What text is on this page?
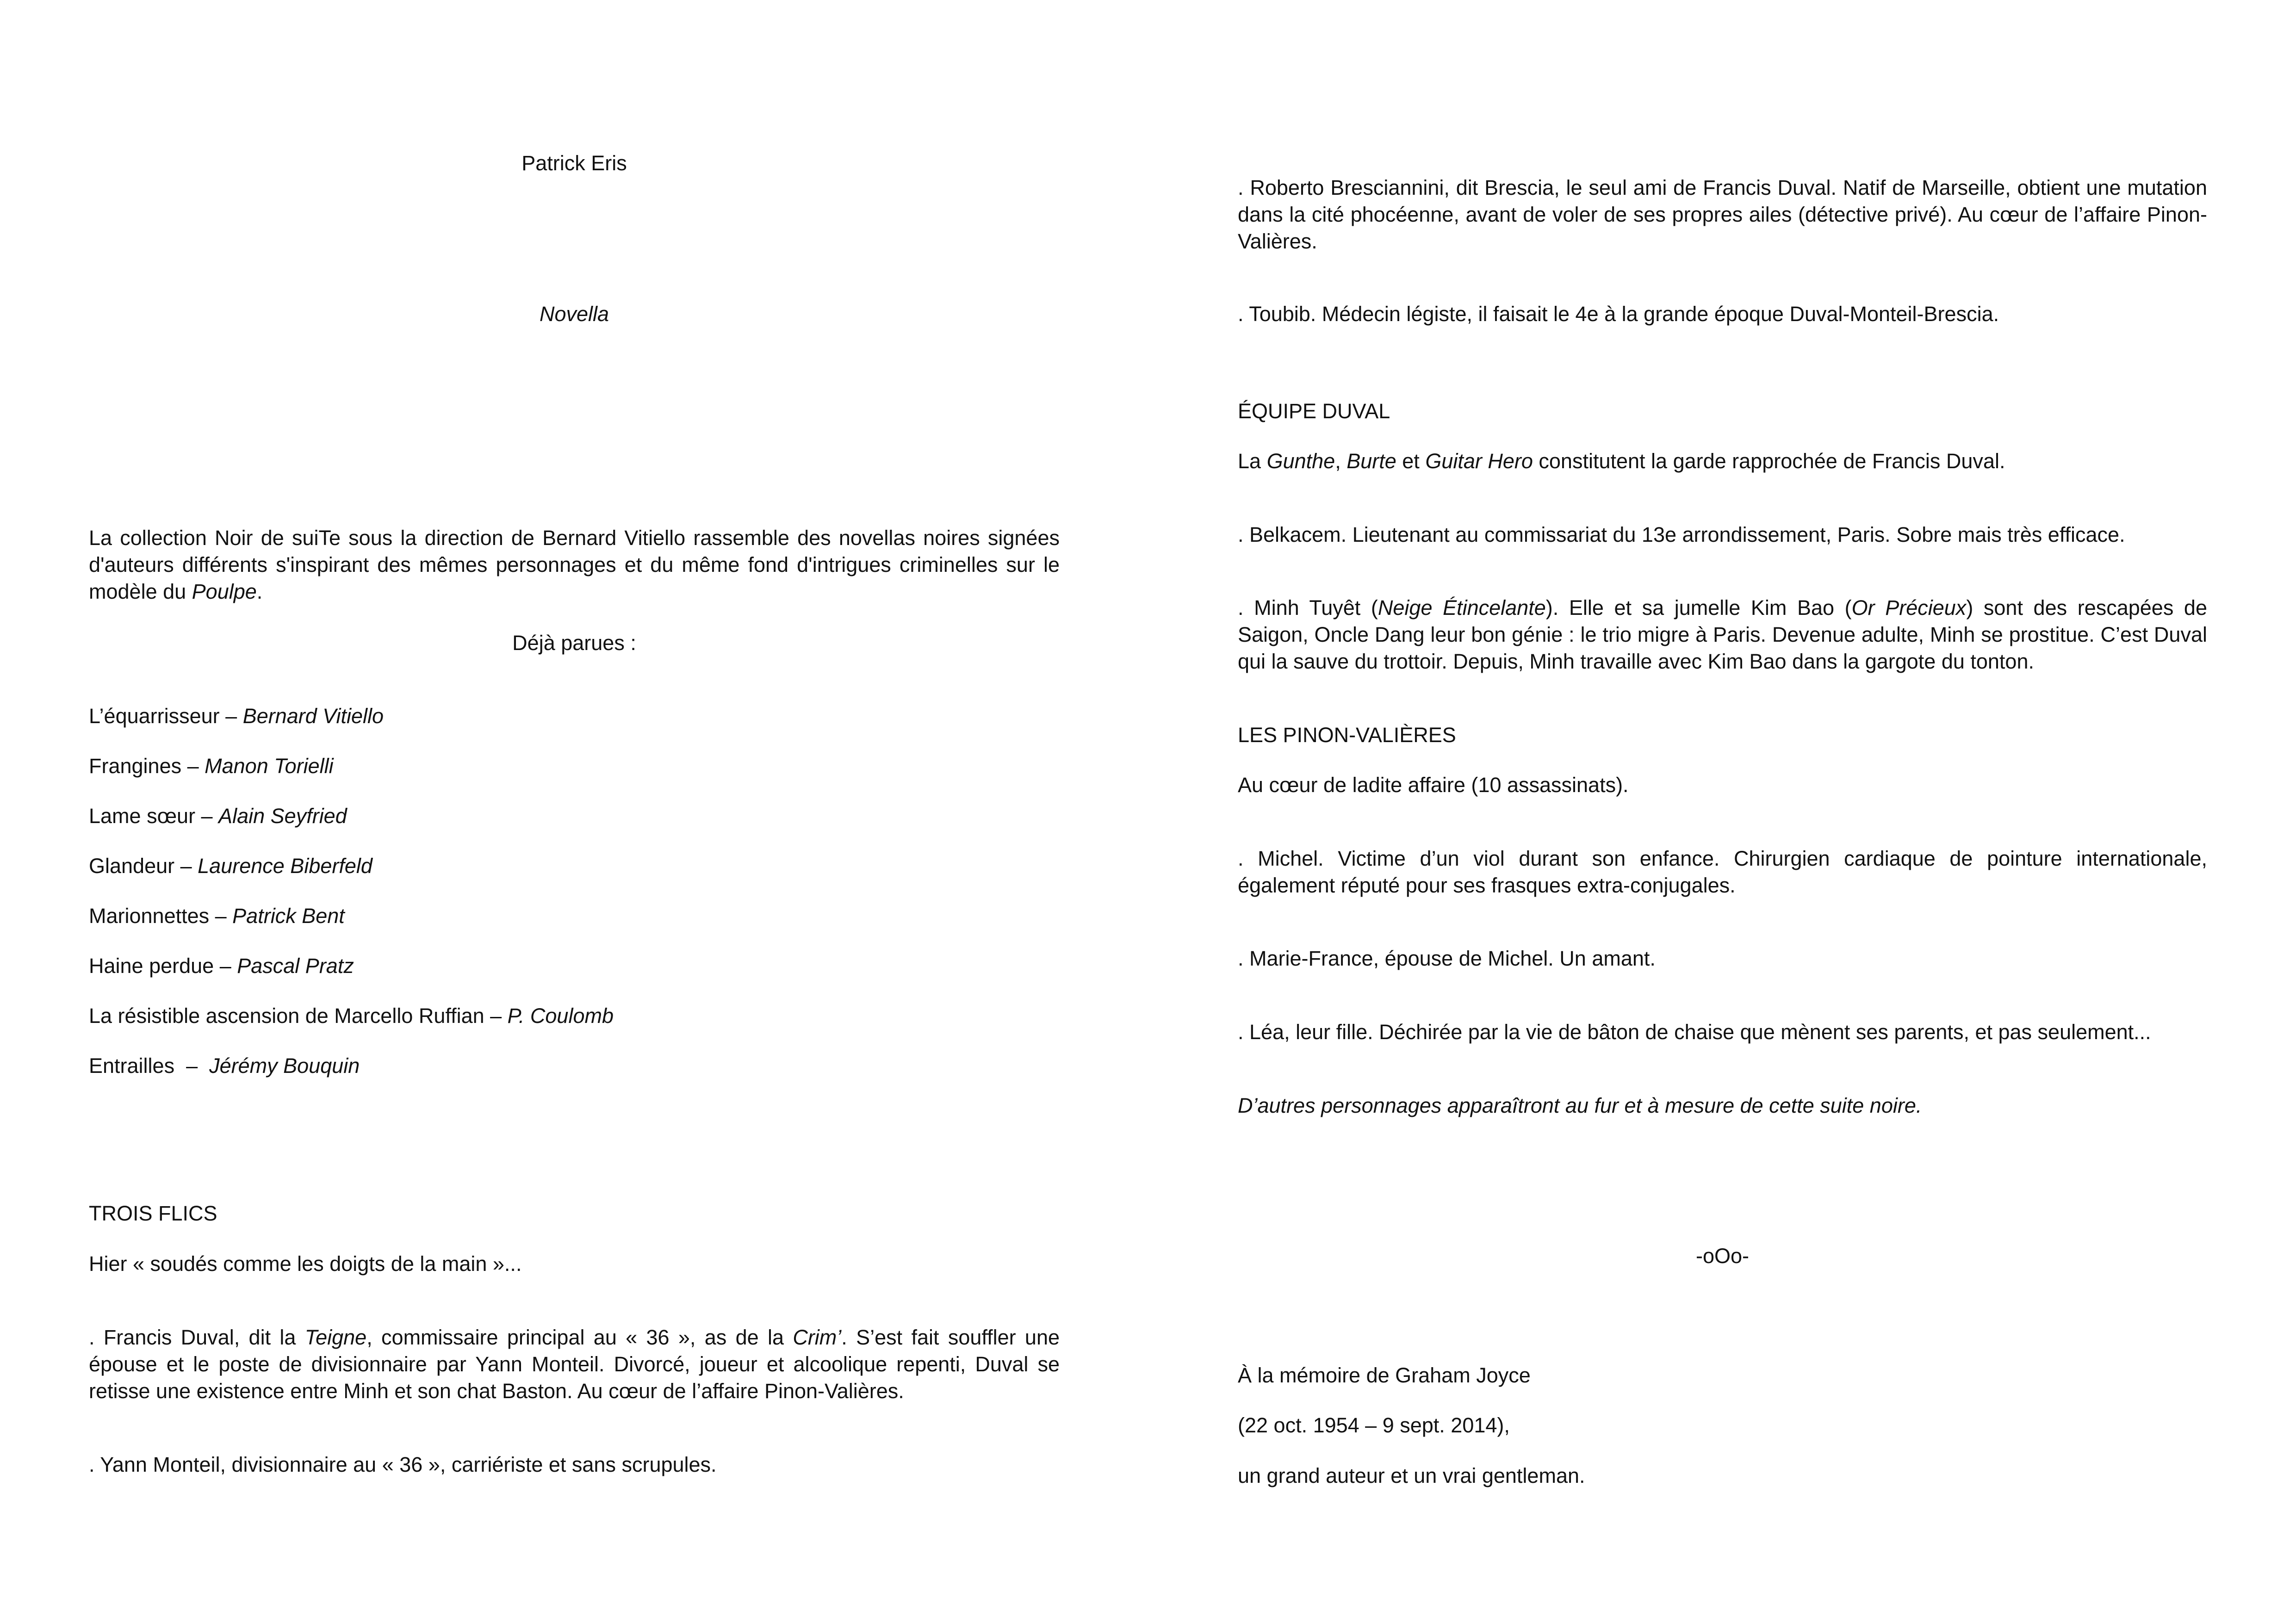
Patrick Eris

Novella

La collection Noir de suiTe sous la direction de Bernard Vitiello rassemble des novellas noires signées d'auteurs différents s'inspirant des mêmes personnages et du même fond d'intrigues criminelles sur le modèle du Poulpe.

Déjà parues :

L’équarrisseur – Bernard Vitiello

Frangines – Manon Torielli

Lame sœur – Alain Seyfried

Glandeur – Laurence Biberfeld

Marionnettes – Patrick Bent

Haine perdue – Pascal Pratz

La résistible ascension de Marcello Ruffian – P. Coulomb

Entrailles  –  Jérémy Bouquin

TROIS FLICS

Hier « soudés comme les doigts de la main »...

. Francis Duval, dit la Teigne, commissaire principal au « 36 », as de la Crim’. S’est fait souffler une épouse et le poste de divisionnaire par Yann Monteil. Divorcé, joueur et alcoolique repenti, Duval se retisse une existence entre Minh et son chat Baston. Au cœur de l’affaire Pinon-Valières.

. Yann Monteil, divisionnaire au « 36 », carriériste et sans scrupules.

. Roberto Bresciannini, dit Brescia, le seul ami de Francis Duval. Natif de Marseille, obtient une mutation dans la cité phocéenne, avant de voler de ses propres ailes (détective privé). Au cœur de l’affaire Pinon-Valières.

. Toubib. Médecin légiste, il faisait le 4e à la grande époque Duval-Monteil-Brescia.

ÉQUIPE DUVAL

La Gunthe, Burte et Guitar Hero constitutent la garde rapprochée de Francis Duval.

. Belkacem. Lieutenant au commissariat du 13e arrondissement, Paris. Sobre mais très efficace.

. Minh Tuyêt (Neige Étincelante). Elle et sa jumelle Kim Bao (Or Précieux) sont des rescapées de Saigon, Oncle Dang leur bon génie : le trio migre à Paris. Devenue adulte, Minh se prostitue. C’est Duval qui la sauve du trottoir. Depuis, Minh travaille avec Kim Bao dans la gargote du tonton.

LES PINON-VALIÈRES

Au cœur de ladite affaire (10 assassinats).

. Michel. Victime d’un viol durant son enfance. Chirurgien cardiaque de pointure internationale, également réputé pour ses frasques extra-conjugales.

. Marie-France, épouse de Michel. Un amant.

. Léa, leur fille. Déchirée par la vie de bâton de chaise que mènent ses parents, et pas seulement...

D’autres personnages apparaîtront au fur et à mesure de cette suite noire.

-oOo-

À la mémoire de Graham Joyce

(22 oct. 1954 – 9 sept. 2014),

un grand auteur et un vrai gentleman.
